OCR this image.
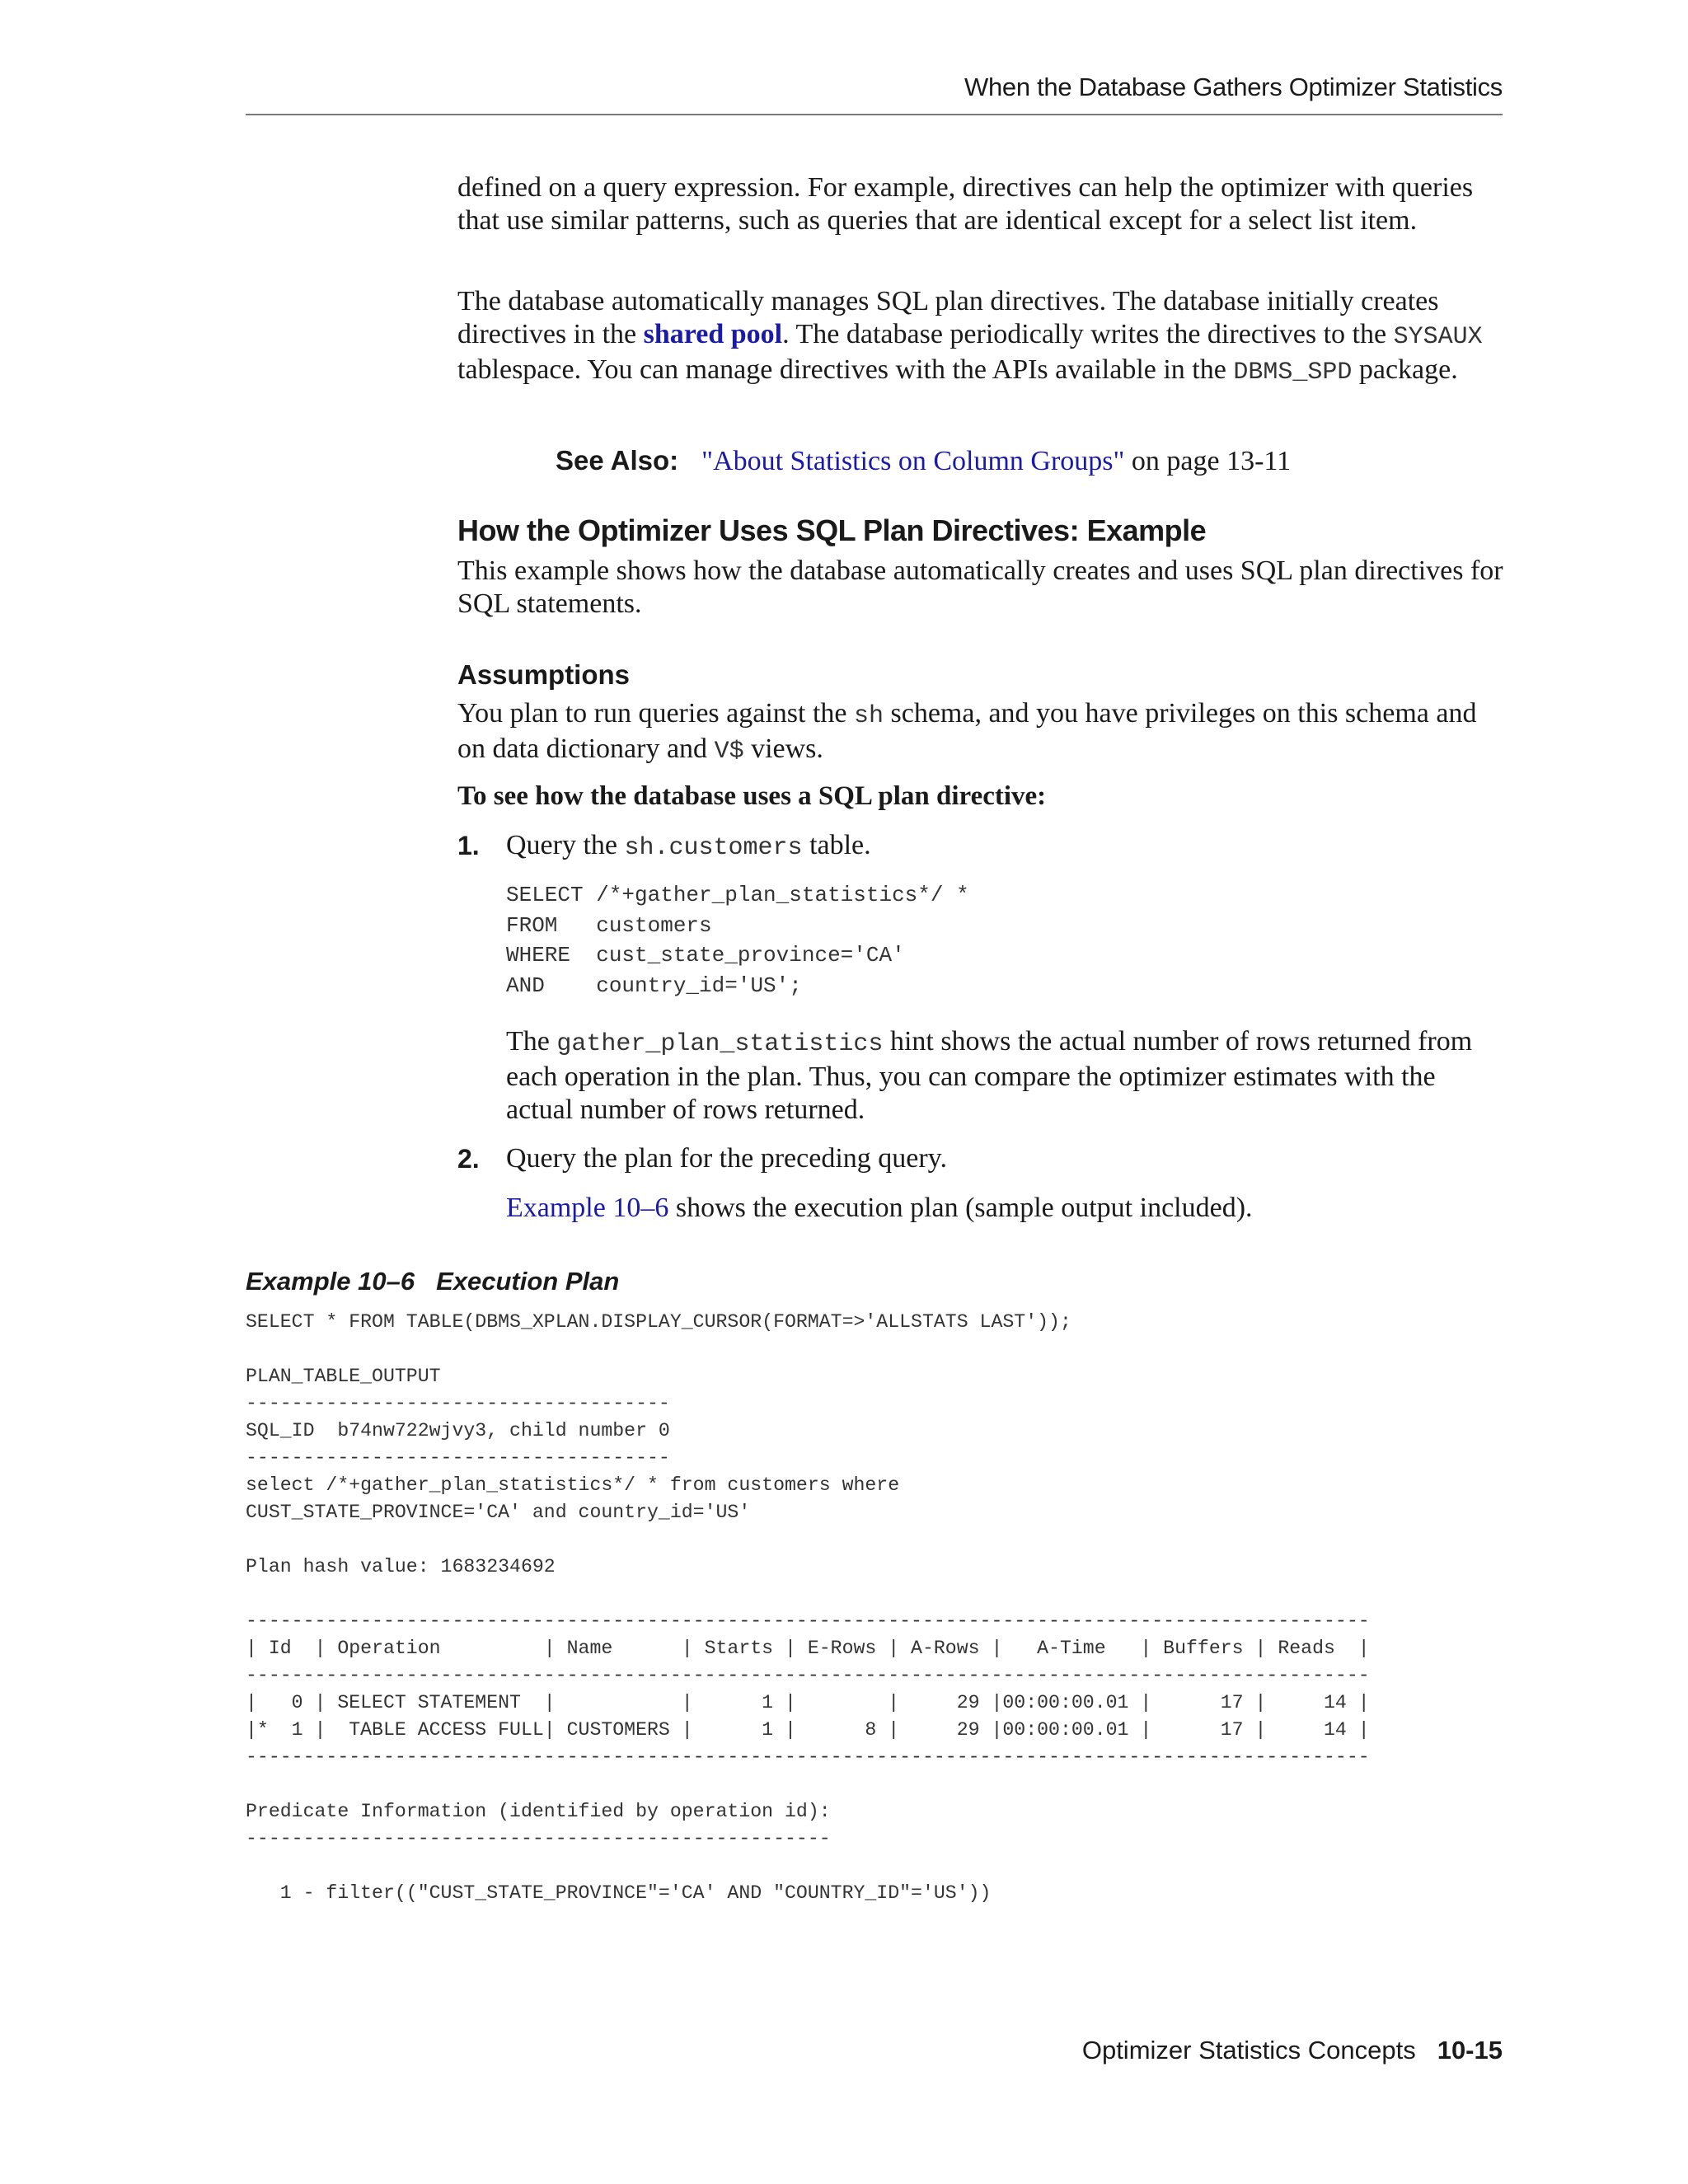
When the Database Gathers Optimizer Statistics

defined on a query expression. For example, directives can help the optimizer with queries that use similar patterns, such as queries that are identical except for a select list item.

The database automatically manages SQL plan directives. The database initially creates directives in the shared pool. The database periodically writes the directives to the SYSAUX tablespace. You can manage directives with the APIs available in the DBMS_SPD package.

See Also: "About Statistics on Column Groups" on page 13-11
How the Optimizer Uses SQL Plan Directives: Example

This example shows how the database automatically creates and uses SQL plan directives for SQL statements.

Assumptions

You plan to run queries against the sh schema, and you have privileges on this schema and on data dictionary and V$ views.

To see how the database uses a SQL plan directive:
1. Query the sh.customers table.
SELECT /*+gather_plan_statistics*/ *
FROM   customers
WHERE  cust_state_province='CA'
AND    country_id='US';
The gather_plan_statistics hint shows the actual number of rows returned from each operation in the plan. Thus, you can compare the optimizer estimates with the actual number of rows returned.
2. Query the plan for the preceding query.
Example 10–6 shows the execution plan (sample output included).
Example 10–6 Execution Plan
SELECT * FROM TABLE(DBMS_XPLAN.DISPLAY_CURSOR(FORMAT=>'ALLSTATS LAST'));

PLAN_TABLE_OUTPUT
-------------------------------------
SQL_ID  b74nw722wjvy3, child number 0
-------------------------------------
select /*+gather_plan_statistics*/ * from customers where
CUST_STATE_PROVINCE='CA' and country_id='US'

Plan hash value: 1683234692

--------------------------------------------------------------------------------------------------
| Id  | Operation         | Name      | Starts | E-Rows | A-Rows |   A-Time   | Buffers | Reads  |
--------------------------------------------------------------------------------------------------
|   0 | SELECT STATEMENT  |           |      1 |        |     29 |00:00:00.01 |      17 |     14 |
|*  1 |  TABLE ACCESS FULL| CUSTOMERS |      1 |      8 |     29 |00:00:00.01 |      17 |     14 |
--------------------------------------------------------------------------------------------------

Predicate Information (identified by operation id):
---------------------------------------------------

1 - filter(("CUST_STATE_PROVINCE"='CA' AND "COUNTRY_ID"='US'))
Optimizer Statistics Concepts 10-15
